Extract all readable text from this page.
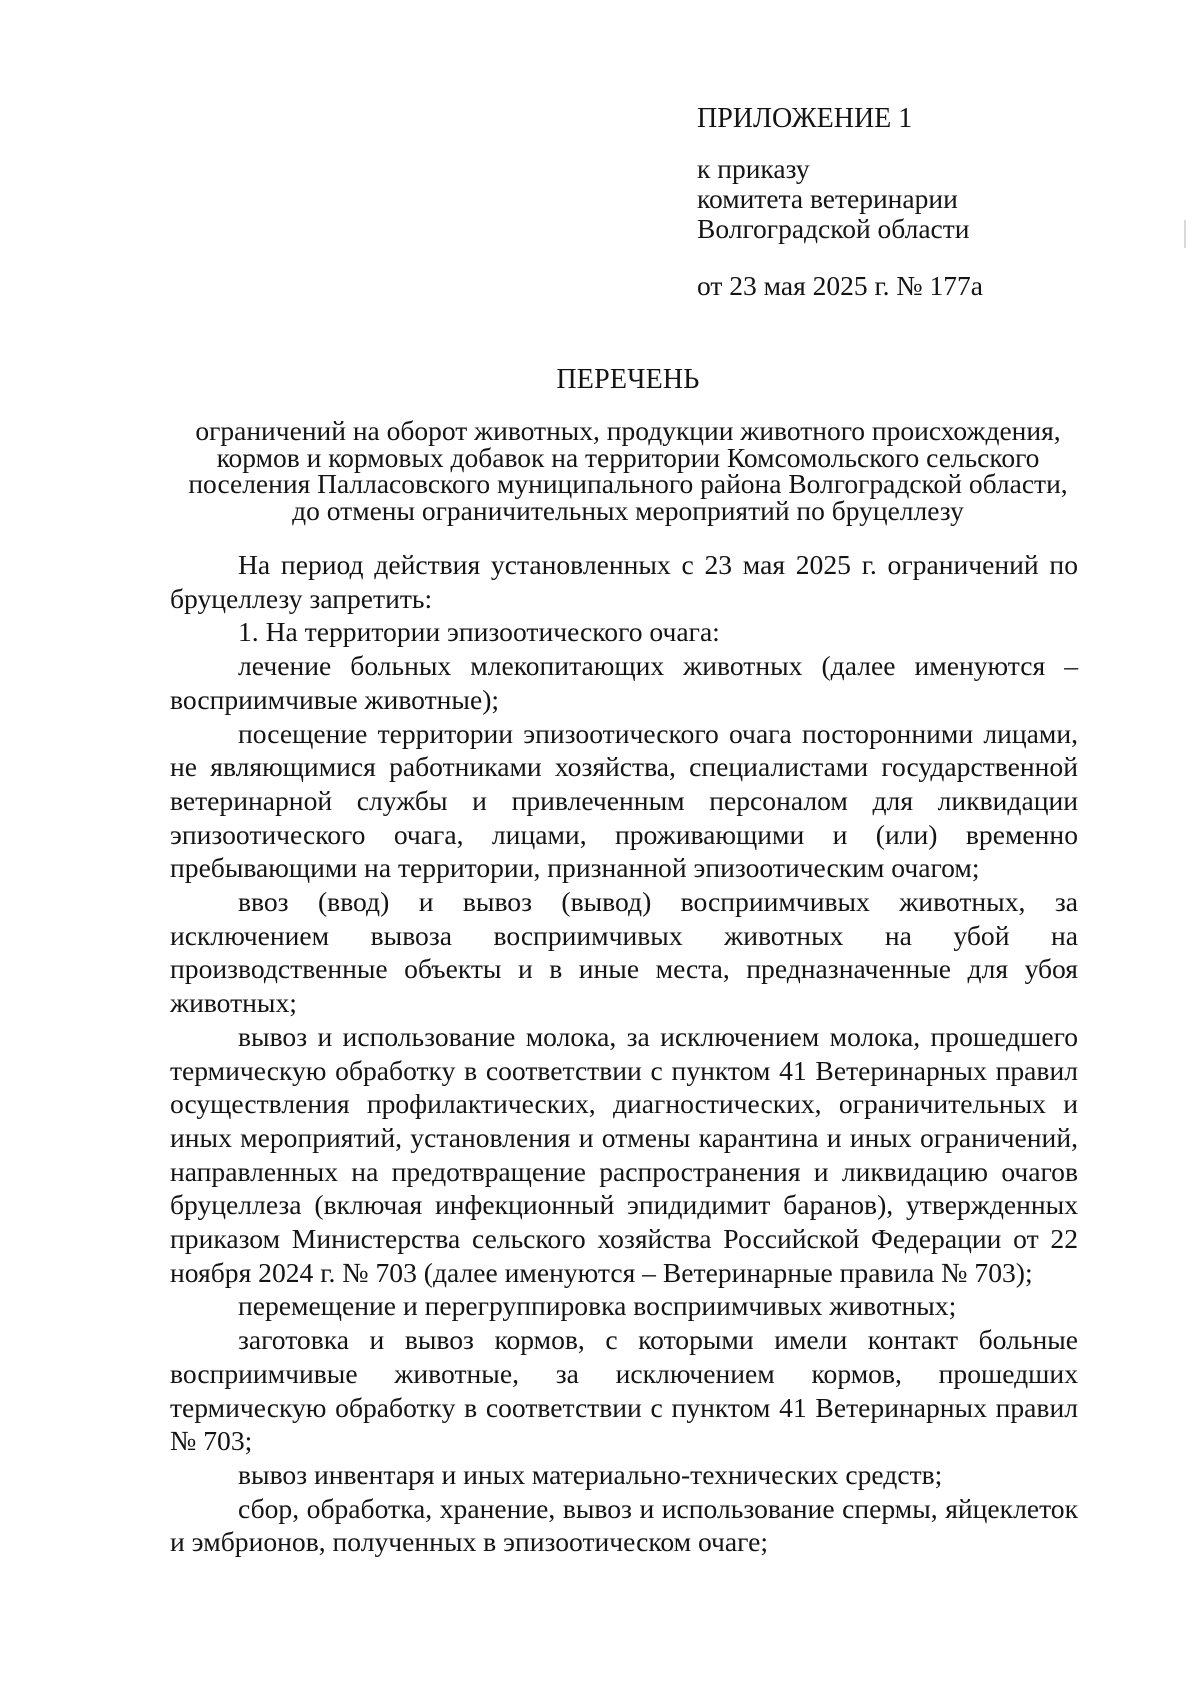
ПРИЛОЖЕНИЕ 1
к приказу
комитета ветеринарии
Волгоградской области
от 23 мая 2025 г. № 177а
ПЕРЕЧЕНЬ
ограничений на оборот животных, продукции животного происхождения,
кормов и кормовых добавок на территории Комсомольского сельского
поселения Палласовского муниципального района Волгоградской области,
до отмены ограничительных мероприятий по бруцеллезу

На период действия установленных с 23 мая 2025 г. ограничений по бруцеллезу запретить:

1. На территории эпизоотического очага:

лечение больных млекопитающих животных (далее именуются – восприимчивые животные);

посещение территории эпизоотического очага посторонними лицами, не являющимися работниками хозяйства, специалистами государственной ветеринарной службы и привлеченным персоналом для ликвидации эпизоотического очага, лицами, проживающими и (или) временно пребывающими на территории, признанной эпизоотическим очагом;

ввоз (ввод) и вывоз (вывод) восприимчивых животных, за исключением вывоза восприимчивых животных на убой на производственные объекты и в иные места, предназначенные для убоя животных;

вывоз и использование молока, за исключением молока, прошедшего термическую обработку в соответствии с пунктом 41 Ветеринарных правил осуществления профилактических, диагностических, ограничительных и иных мероприятий, установления и отмены карантина и иных ограничений, направленных на предотвращение распространения и ликвидацию очагов бруцеллеза (включая инфекционный эпидидимит баранов), утвержденных приказом Министерства сельского хозяйства Российской Федерации от 22 ноября 2024 г. № 703 (далее именуются – Ветеринарные правила № 703);

перемещение и перегруппировка восприимчивых животных;

заготовка и вывоз кормов, с которыми имели контакт больные восприимчивые животные, за исключением кормов, прошедших термическую обработку в соответствии с пунктом 41 Ветеринарных правил № 703;

вывоз инвентаря и иных материально-технических средств;

сбор, обработка, хранение, вывоз и использование спермы, яйцеклеток и эмбрионов, полученных в эпизоотическом очаге;
